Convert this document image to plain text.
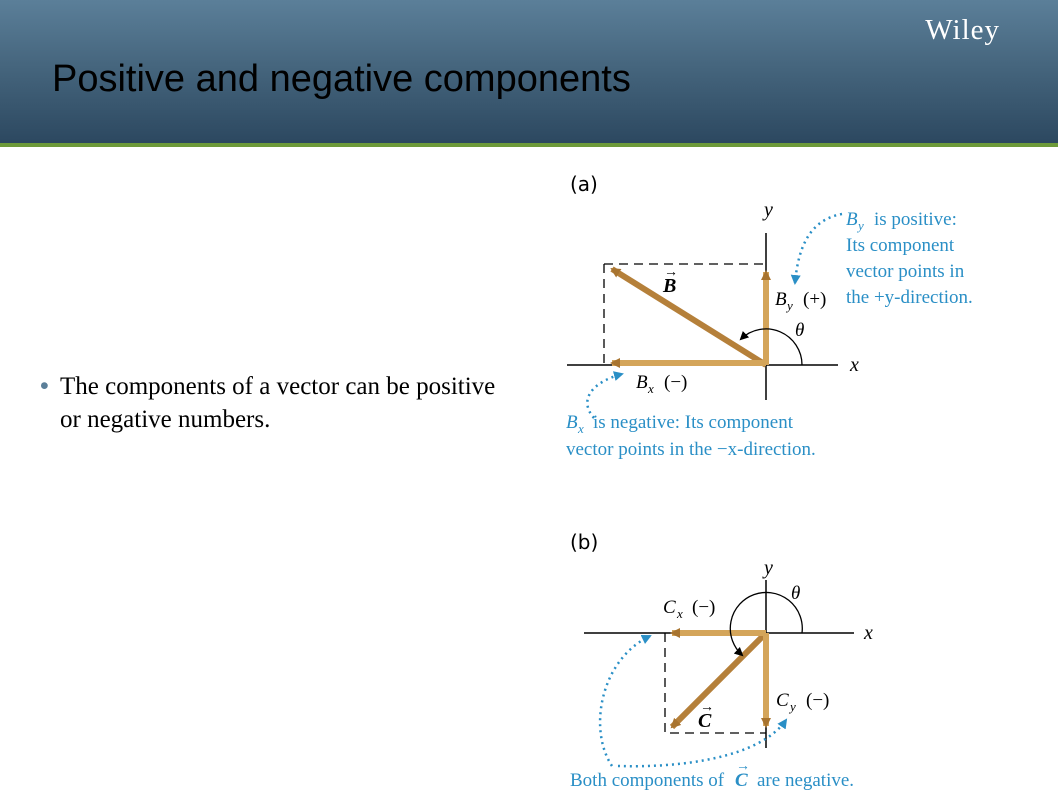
Wiley
Positive and negative components
• The components of a vector can be positive or negative numbers.
(a)
(b)
x
y
θ
B
→
B x (−)
B y (+)
B y is positive:
Its component
vector points in
the +y-direction.
B x is negative: Its component
vector points in the −x-direction.
x
y
θ
C
→
C x (−)
C y (−)
Both components of C
→
are negative.
